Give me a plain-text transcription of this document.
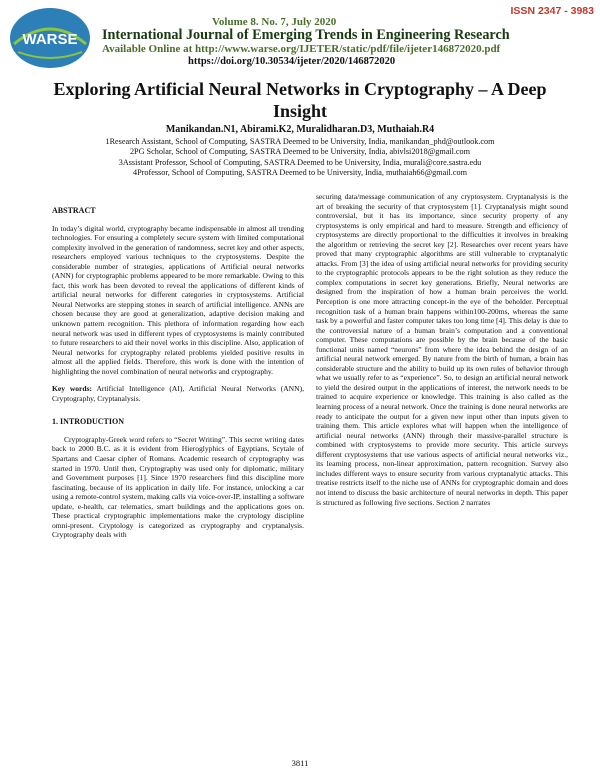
WARSE
ISSN 2347 - 3983
Volume 8. No. 7, July 2020
International Journal of Emerging Trends in Engineering Research
Available Online at http://www.warse.org/IJETER/static/pdf/file/ijeter146872020.pdf
https://doi.org/10.30534/ijeter/2020/146872020
Exploring Artificial Neural Networks in Cryptography – A Deep Insight
Manikandan.N1, Abirami.K2, Muralidharan.D3, Muthaiah.R4
1Research Assistant, School of Computing, SASTRA Deemed to be University, India, manikandan_phd@outlook.com
2PG Scholar, School of Computing, SASTRA Deemed to be University, India, abivlsi2018@gmail.com
3Assistant Professor, School of Computing, SASTRA Deemed to be University, India, murali@core.sastra.edu
4Professor, School of Computing, SASTRA Deemed to be University, India, muthaiah66@gmail.com

ABSTRACT

In today’s digital world, cryptography became indispensable in almost all trending technologies. For ensuring a completely secure system with limited computational complexity involved in the generation of randomness, secret key and other aspects, researchers employed various techniques to the cryptosystems. Despite the considerable number of strategies, applications of Artificial neural networks (ANN) for cryptographic problems appeared to be more remarkable. Owing to this fact, this work has been devoted to reveal the applications of different kinds of artificial neural networks for different categories in cryptosystems. Artificial Neural Networks are stepping stones in search of artificial intelligence. ANNs are chosen because they are good at generalization, adaptive decision making and unknown pattern recognition. This plethora of information regarding how each neural network was used in different types of cryptosystems is mainly contributed to future researchers to aid their novel works in this discipline. Also, application of Neural networks for cryptography related problems yielded positive results in almost all the applied fields. Therefore, this work is done with the intention of highlighting the novel combination of neural networks and cryptography.

Key words: Artificial Intelligence (AI), Artificial Neural Networks (ANN), Cryptography, Cryptanalysis.

1. INTRODUCTION

Cryptography-Greek word refers to “Secret Writing”. This secret writing dates back to 2000 B.C. as it is evident from Hieroglyphics of Egyptians, Scytale of Spartans and Caesar cipher of Romans. Academic research of cryptography was started in 1970. Until then, Cryptography was used only for diplomatic, military and Government purposes [1]. Since 1970 researchers find this discipline more fascinating, because of its application in daily life. For instance, unlocking a car using a remote-control system, making calls via voice-over-IP, installing a software update, e-health, car telematics, smart buildings and the applications goes on. These practical cryptographic implementations make the cryptology discipline omni-present. Cryptology is categorized as cryptography and cryptanalysis. Cryptography deals with

securing data/message communication of any cryptosystem. Cryptanalysis is the art of breaking the security of that cryptosystem [1]. Cryptanalysis might sound controversial, but it has its importance, since security property of any cryptosystems is only empirical and hard to measure. Strength and efficiency of cryptosystems are directly proportional to the difficulties it involves in breaking the algorithm or retrieving the secret key [2]. Researches over recent years have proved that many cryptographic algorithms are still vulnerable to cryptanalytic attacks. From [3] the idea of using artificial neural networks for providing security to the cryptographic protocols appears to be the right solution as they reduce the complex computations in secret key generations. Briefly, Neural networks are designed from the inspiration of how a human brain perceives the world. Perception is one more attracting concept-in the eye of the beholder. Perceptual recognition task of a human brain happens within100-200ms, whereas the same task by a powerful and faster computer takes too long time [4]. This delay is due to the controversial nature of a human brain’s computation and a conventional computer. These computations are possible by the brain because of the basic functional units named “neurons” from where the idea behind the design of an artificial neural network emerged. By nature from the birth of human, a brain has considerable structure and the ability to build up its own rules of behavior through what we usually refer to as “experience”. So, to design an artificial neural network to yield the desired output in the applications of interest, the network needs to be trained to acquire experience or knowledge. This training is also called as the learning process of a neural network. Once the training is done neural networks are ready to anticipate the output for a given new input other than inputs given to training them. This article explores what will happen when the intelligence of artificial neural networks (ANN) through their massive-parallel structure is combined with cryptosystems to provide more security. This article surveys different cryptosystems that use various aspects of artificial neural networks viz., its learning process, non-linear approximation, pattern recognition. Survey also includes different ways to ensure security from various cryptanalytic attacks. This treatise restricts itself to the niche use of ANNs for cryptographic domain and does not intend to discuss the basic architecture of neural networks in depth. This paper is structured as following five sections. Section 2 narrates

3811
